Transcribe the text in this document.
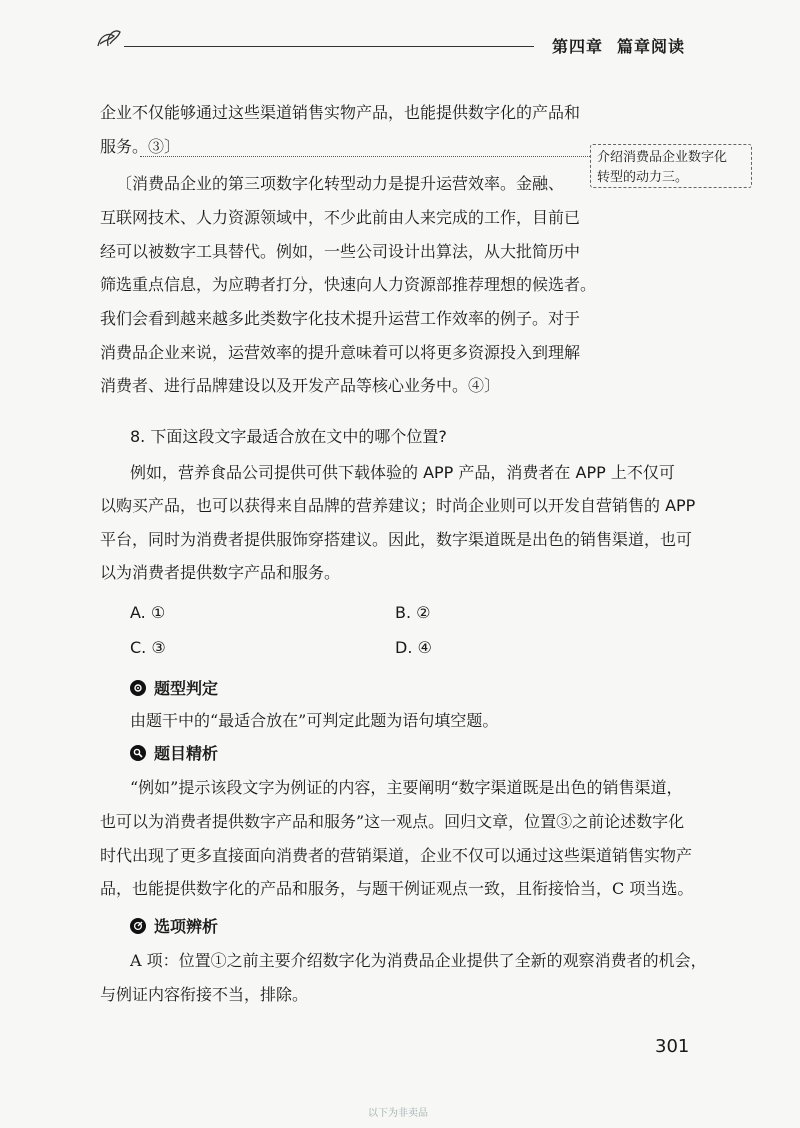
第四章 篇章阅读
企业不仅能够通过这些渠道销售实物产品，也能提供数字化的产品和
服务。③〕
介绍消费品企业数字化
转型的动力三。
〔消费品企业的第三项数字化转型动力是提升运营效率。金融、
互联网技术、人力资源领域中，不少此前由人来完成的工作，目前已
经可以被数字工具替代。例如，一些公司设计出算法，从大批简历中
筛选重点信息，为应聘者打分，快速向人力资源部推荐理想的候选者。
我们会看到越来越多此类数字化技术提升运营工作效率的例子。对于
消费品企业来说，运营效率的提升意味着可以将更多资源投入到理解
消费者、进行品牌建设以及开发产品等核心业务中。④〕
8. 下面这段文字最适合放在文中的哪个位置?
例如，营养食品公司提供可供下载体验的 APP 产品，消费者在 APP 上不仅可
以购买产品，也可以获得来自品牌的营养建议；时尚企业则可以开发自营销售的 APP
平台，同时为消费者提供服饰穿搭建议。因此，数字渠道既是出色的销售渠道，也可
以为消费者提供数字产品和服务。
A. ①	B. ②
C. ③	D. ④
题型判定
由题干中的“最适合放在”可判定此题为语句填空题。
题目精析
“例如”提示该段文字为例证的内容，主要阐明“数字渠道既是出色的销售渠道，
也可以为消费者提供数字产品和服务”这一观点。回归文章，位置③之前论述数字化
时代出现了更多直接面向消费者的营销渠道，企业不仅可以通过这些渠道销售实物产
品，也能提供数字化的产品和服务，与题干例证观点一致，且衔接恰当，C 项当选。
选项辨析
A 项：位置①之前主要介绍数字化为消费品企业提供了全新的观察消费者的机会，
与例证内容衔接不当，排除。
301
以下为非卖品
